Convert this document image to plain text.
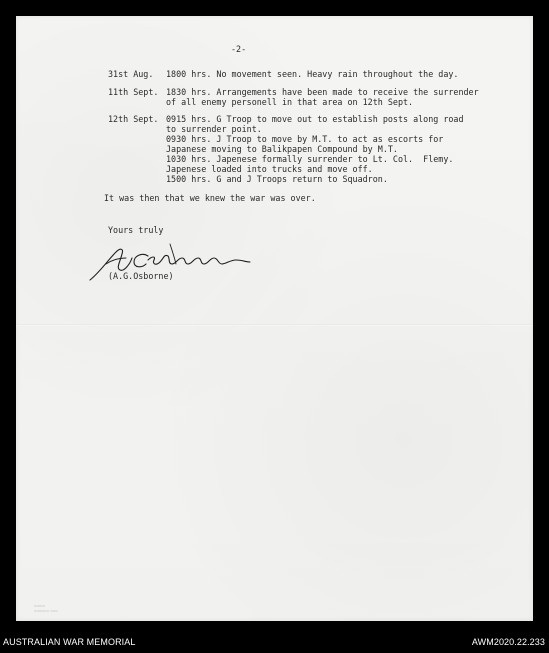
-2-
31st Aug. 1800 hrs. No movement seen. Heavy rain throughout the day.
11th Sept. 1830 hrs. Arrangements have been made to receive the surrender
of all enemy personell in that area on 12th Sept.
12th Sept. 0915 hrs. G Troop to move out to establish posts along road
to surrender point.
0930 hrs. J Troop to move by M.T. to act as escorts for
Japanese moving to Balikpapen Compound by M.T.
1030 hrs. Japenese formally surrender to Lt. Col.  Flemy.
Japenese loaded into trucks and move off.
1500 hrs. G and J Troops return to Squadron.
It was then that we knew the war was over.
Yours truly
(A.G.Osborne)
▭▭▭
▭▭▭▭ ▭▭
AUSTRALIAN WAR MEMORIAL	AWM2020.22.233
